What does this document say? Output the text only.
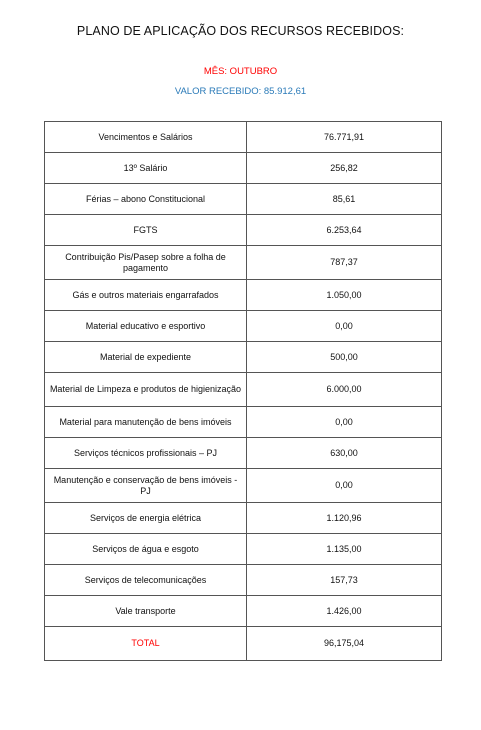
PLANO DE APLICAÇÃO DOS RECURSOS RECEBIDOS:
MÊS: OUTUBRO
VALOR RECEBIDO: 85.912,61
Vencimentos e Salários	76.771,91
13º Salário	256,82
Férias – abono Constitucional	85,61
FGTS	6.253,64
Contribuição Pis/Pasep sobre a folha de pagamento	787,37
Gás e outros materiais engarrafados	1.050,00
Material educativo e esportivo	0,00
Material de expediente	500,00
Material de Limpeza e produtos de higienização	6.000,00
Material para manutenção de bens imóveis	0,00
Serviços técnicos profissionais – PJ	630,00
Manutenção e conservação de bens imóveis - PJ	0,00
Serviços de energia elétrica	1.120,96
Serviços de água e esgoto	1.135,00
Serviços de telecomunicações	157,73
Vale transporte	1.426,00
TOTAL	96,175,04
